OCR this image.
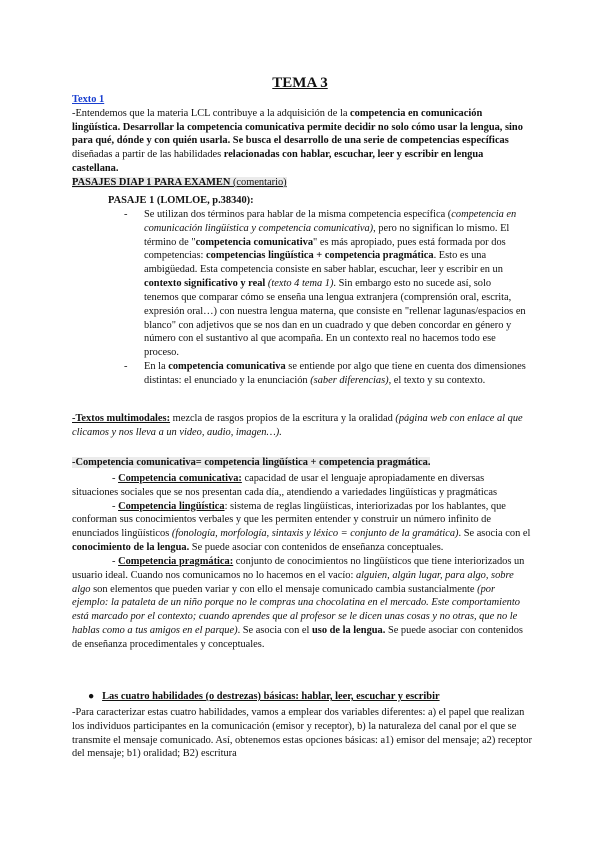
TEMA 3

Texto 1

-Entendemos que la materia LCL contribuye a la adquisición de la competencia en comunicación lingüística. Desarrollar la competencia comunicativa permite decidir no solo cómo usar la lengua, sino para qué, dónde y con quién usarla. Se busca el desarrollo de una serie de competencias específicas diseñadas a partir de las habilidades relacionadas con hablar, escuchar, leer y escribir en lengua castellana.

PASAJES DIAP 1 PARA EXAMEN (comentario)

PASAJE 1 (LOMLOE, p.38340):
- Se utilizan dos términos para hablar de la misma competencia específica (competencia en comunicación lingüística y competencia comunicativa), pero no significan lo mismo. El término de "competencia comunicativa" es más apropiado, pues está formada por dos competencias: competencias lingüística + competencia pragmática. Esto es una ambigüedad. Esta competencia consiste en saber hablar, escuchar, leer y escribir en un contexto significativo y real (texto 4 tema 1). Sin embargo esto no sucede así, solo tenemos que comparar cómo se enseña una lengua extranjera (comprensión oral, escrita, expresión oral…) con nuestra lengua materna, que consiste en "rellenar lagunas/espacios en blanco" con adjetivos que se nos dan en un cuadrado y que deben concordar en género y número con el sustantivo al que acompaña. En un contexto real no hacemos todo ese proceso.
- En la competencia comunicativa se entiende por algo que tiene en cuenta dos dimensiones distintas: el enunciado y la enunciación (saber diferencias), el texto y su contexto.
-Textos multimodales: mezcla de rasgos propios de la escritura y la oralidad (página web con enlace al que clicamos y nos lleva a un video, audio, imagen…).
-Competencia comunicativa= competencia lingüística + competencia pragmática.

- Competencia comunicativa: capacidad de usar el lenguaje apropiadamente en diversas situaciones sociales que se nos presentan cada día,, atendiendo a variedades lingüísticas y pragmáticas

- Competencia lingüística: sistema de reglas lingüísticas, interiorizadas por los hablantes, que conforman sus conocimientos verbales y que les permiten entender y construir un número infinito de enunciados lingüísticos (fonología, morfología, sintaxis y léxico = conjunto de la gramática). Se asocia con el conocimiento de la lengua. Se puede asociar con contenidos de enseñanza conceptuales.

- Competencia pragmática: conjunto de conocimientos no lingüísticos que tiene interiorizados un usuario ideal. Cuando nos comunicamos no lo hacemos en el vacío: alguien, algún lugar, para algo, sobre algo son elementos que pueden variar y con ello el mensaje comunicado cambia sustancialmente (por ejemplo: la pataleta de un niño porque no le compras una chocolatina en el mercado. Este comportamiento está marcado por el contexto; cuando aprendes que al profesor se le dicen unas cosas y no otras, que no le hablas como a tus amigos en el parque). Se asocia con el uso de la lengua. Se puede asociar con contenidos de enseñanza procedimentales y conceptuales.

● Las cuatro habilidades (o destrezas) básicas: hablar, leer, escuchar y escribir
-Para caracterizar estas cuatro habilidades, vamos a emplear dos variables diferentes: a) el papel que realizan los individuos participantes en la comunicación (emisor y receptor), b) la naturaleza del canal por el que se transmite el mensaje comunicado. Así, obtenemos estas opciones básicas: a1) emisor del mensaje; a2) receptor del mensaje; b1) oralidad; B2) escritura
